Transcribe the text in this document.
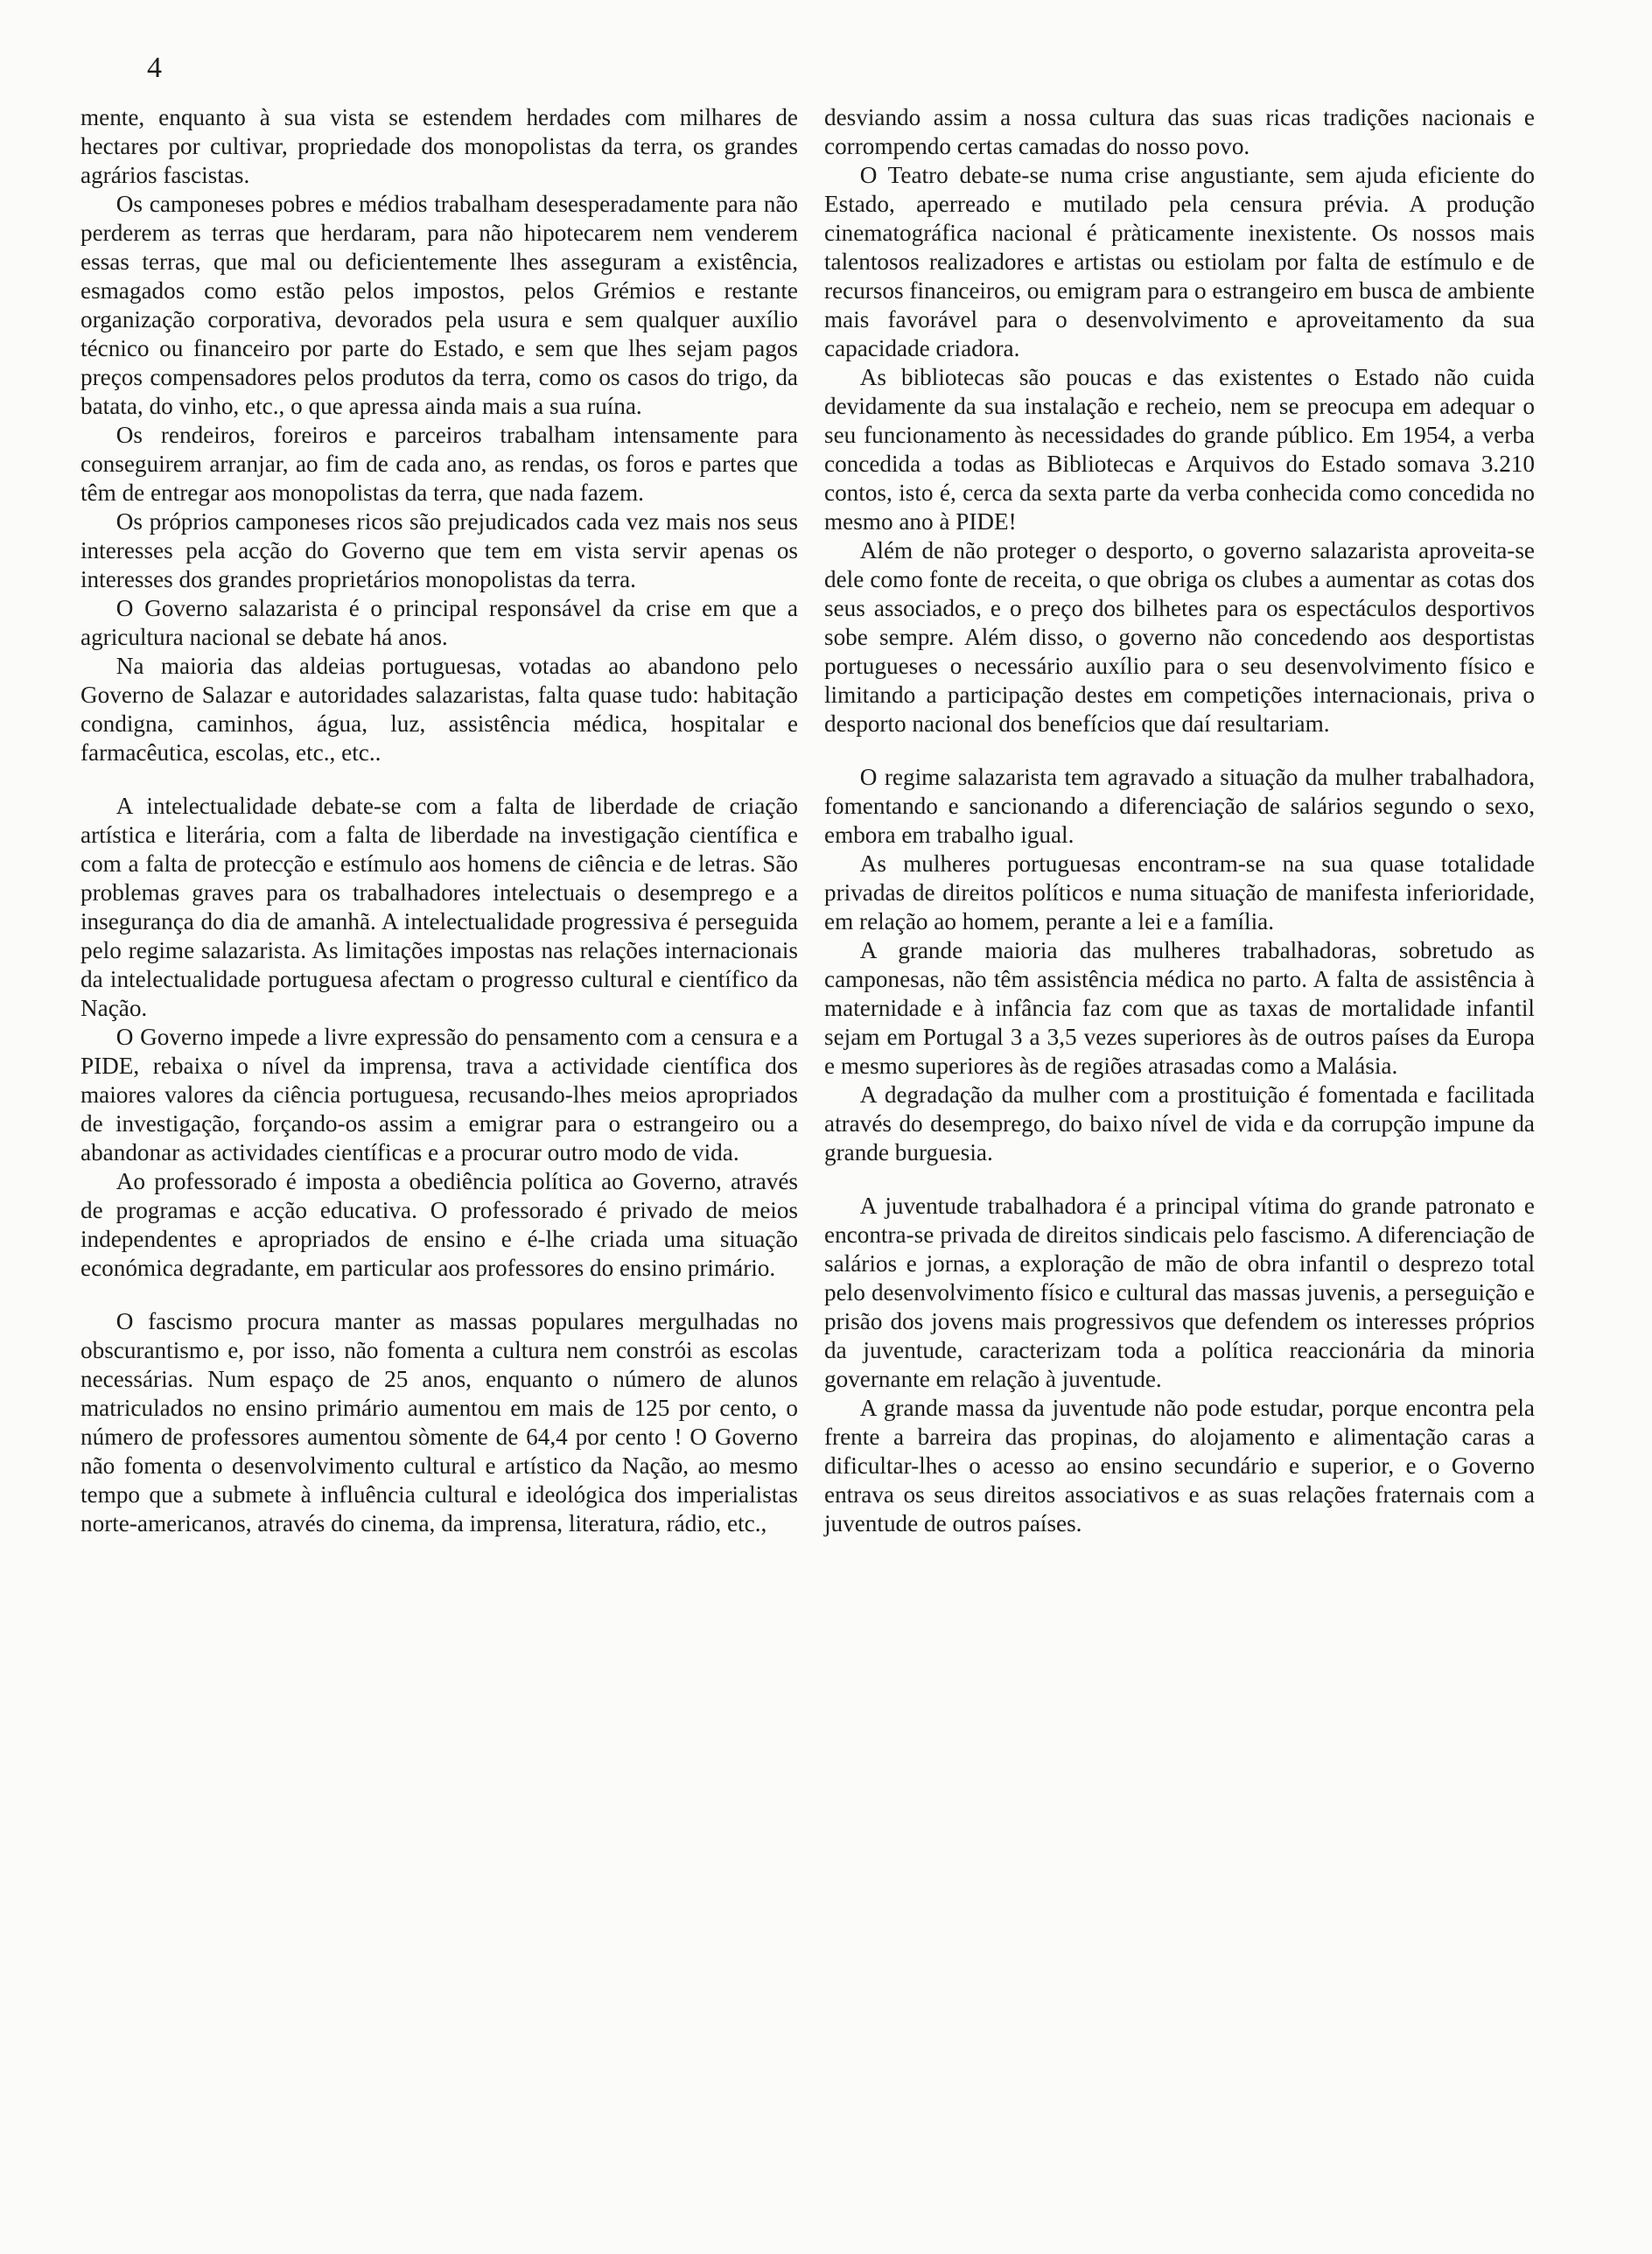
4

mente, enquanto à sua vista se estendem herdades com milhares de hectares por cultivar, propriedade dos monopolistas da terra, os grandes agrários fascistas.

Os camponeses pobres e médios trabalham desesperadamente para não perderem as terras que herdaram, para não hipotecarem nem venderem essas terras, que mal ou deficientemente lhes asseguram a existência, esmagados como estão pelos impostos, pelos Grémios e restante organização corporativa, devorados pela usura e sem qualquer auxílio técnico ou financeiro por parte do Estado, e sem que lhes sejam pagos preços compensadores pelos produtos da terra, como os casos do trigo, da batata, do vinho, etc., o que apressa ainda mais a sua ruína.

Os rendeiros, foreiros e parceiros trabalham intensamente para conseguirem arranjar, ao fim de cada ano, as rendas, os foros e partes que têm de entregar aos monopolistas da terra, que nada fazem.

Os próprios camponeses ricos são prejudicados cada vez mais nos seus interesses pela acção do Governo que tem em vista servir apenas os interesses dos grandes proprietários monopolistas da terra.

O Governo salazarista é o principal responsável da crise em que a agricultura nacional se debate há anos.

Na maioria das aldeias portuguesas, votadas ao abandono pelo Governo de Salazar e autoridades salazaristas, falta quase tudo: habitação condigna, caminhos, água, luz, assistência médica, hospitalar e farmacêutica, escolas, etc., etc..

A intelectualidade debate-se com a falta de liberdade de criação artística e literária, com a falta de liberdade na investigação científica e com a falta de protecção e estímulo aos homens de ciência e de letras. São problemas graves para os trabalhadores intelectuais o desemprego e a insegurança do dia de amanhã. A intelectualidade progressiva é perseguida pelo regime salazarista. As limitações impostas nas relações internacionais da intelectualidade portuguesa afectam o progresso cultural e científico da Nação.

O Governo impede a livre expressão do pensamento com a censura e a PIDE, rebaixa o nível da imprensa, trava a actividade científica dos maiores valores da ciência portuguesa, recusando-lhes meios apropriados de investigação, forçando-os assim a emigrar para o estrangeiro ou a abandonar as actividades científicas e a procurar outro modo de vida.

Ao professorado é imposta a obediência política ao Governo, através de programas e acção educativa. O professorado é privado de meios independentes e apropriados de ensino e é-lhe criada uma situação económica degradante, em particular aos professores do ensino primário.

O fascismo procura manter as massas populares mergulhadas no obscurantismo e, por isso, não fomenta a cultura nem constrói as escolas necessárias. Num espaço de 25 anos, enquanto o número de alunos matriculados no ensino primário aumentou em mais de 125 por cento, o número de professores aumentou sòmente de 64,4 por cento ! O Governo não fomenta o desenvolvimento cultural e artístico da Nação, ao mesmo tempo que a submete à influência cultural e ideológica dos imperialistas norte-americanos, através do cinema, da imprensa, literatura, rádio, etc.,

desviando assim a nossa cultura das suas ricas tradições nacionais e corrompendo certas camadas do nosso povo.

O Teatro debate-se numa crise angustiante, sem ajuda eficiente do Estado, aperreado e mutilado pela censura prévia. A produção cinematográfica nacional é pràticamente inexistente. Os nossos mais talentosos realizadores e artistas ou estiolam por falta de estímulo e de recursos financeiros, ou emigram para o estrangeiro em busca de ambiente mais favorável para o desenvolvimento e aproveitamento da sua capacidade criadora.

As bibliotecas são poucas e das existentes o Estado não cuida devidamente da sua instalação e recheio, nem se preocupa em adequar o seu funcionamento às necessidades do grande público. Em 1954, a verba concedida a todas as Bibliotecas e Arquivos do Estado somava 3.210 contos, isto é, cerca da sexta parte da verba conhecida como concedida no mesmo ano à PIDE!

Além de não proteger o desporto, o governo salazarista aproveita-se dele como fonte de receita, o que obriga os clubes a aumentar as cotas dos seus associados, e o preço dos bilhetes para os espectáculos desportivos sobe sempre. Além disso, o governo não concedendo aos desportistas portugueses o necessário auxílio para o seu desenvolvimento físico e limitando a participação destes em competições internacionais, priva o desporto nacional dos benefícios que daí resultariam.

O regime salazarista tem agravado a situação da mulher trabalhadora, fomentando e sancionando a diferenciação de salários segundo o sexo, embora em trabalho igual.

As mulheres portuguesas encontram-se na sua quase totalidade privadas de direitos políticos e numa situação de manifesta inferioridade, em relação ao homem, perante a lei e a família.

A grande maioria das mulheres trabalhadoras, sobretudo as camponesas, não têm assistência médica no parto. A falta de assistência à maternidade e à infância faz com que as taxas de mortalidade infantil sejam em Portugal 3 a 3,5 vezes superiores às de outros países da Europa e mesmo superiores às de regiões atrasadas como a Malásia.

A degradação da mulher com a prostituição é fomentada e facilitada através do desemprego, do baixo nível de vida e da corrupção impune da grande burguesia.

A juventude trabalhadora é a principal vítima do grande patronato e encontra-se privada de direitos sindicais pelo fascismo. A diferenciação de salários e jornas, a exploração de mão de obra infantil o desprezo total pelo desenvolvimento físico e cultural das massas juvenis, a perseguição e prisão dos jovens mais progressivos que defendem os interesses próprios da juventude, caracterizam toda a política reaccionária da minoria governante em relação à juventude.

A grande massa da juventude não pode estudar, porque encontra pela frente a barreira das propinas, do alojamento e alimentação caras a dificultar-lhes o acesso ao ensino secundário e superior, e o Governo entrava os seus direitos associativos e as suas relações fraternais com a juventude de outros países.
